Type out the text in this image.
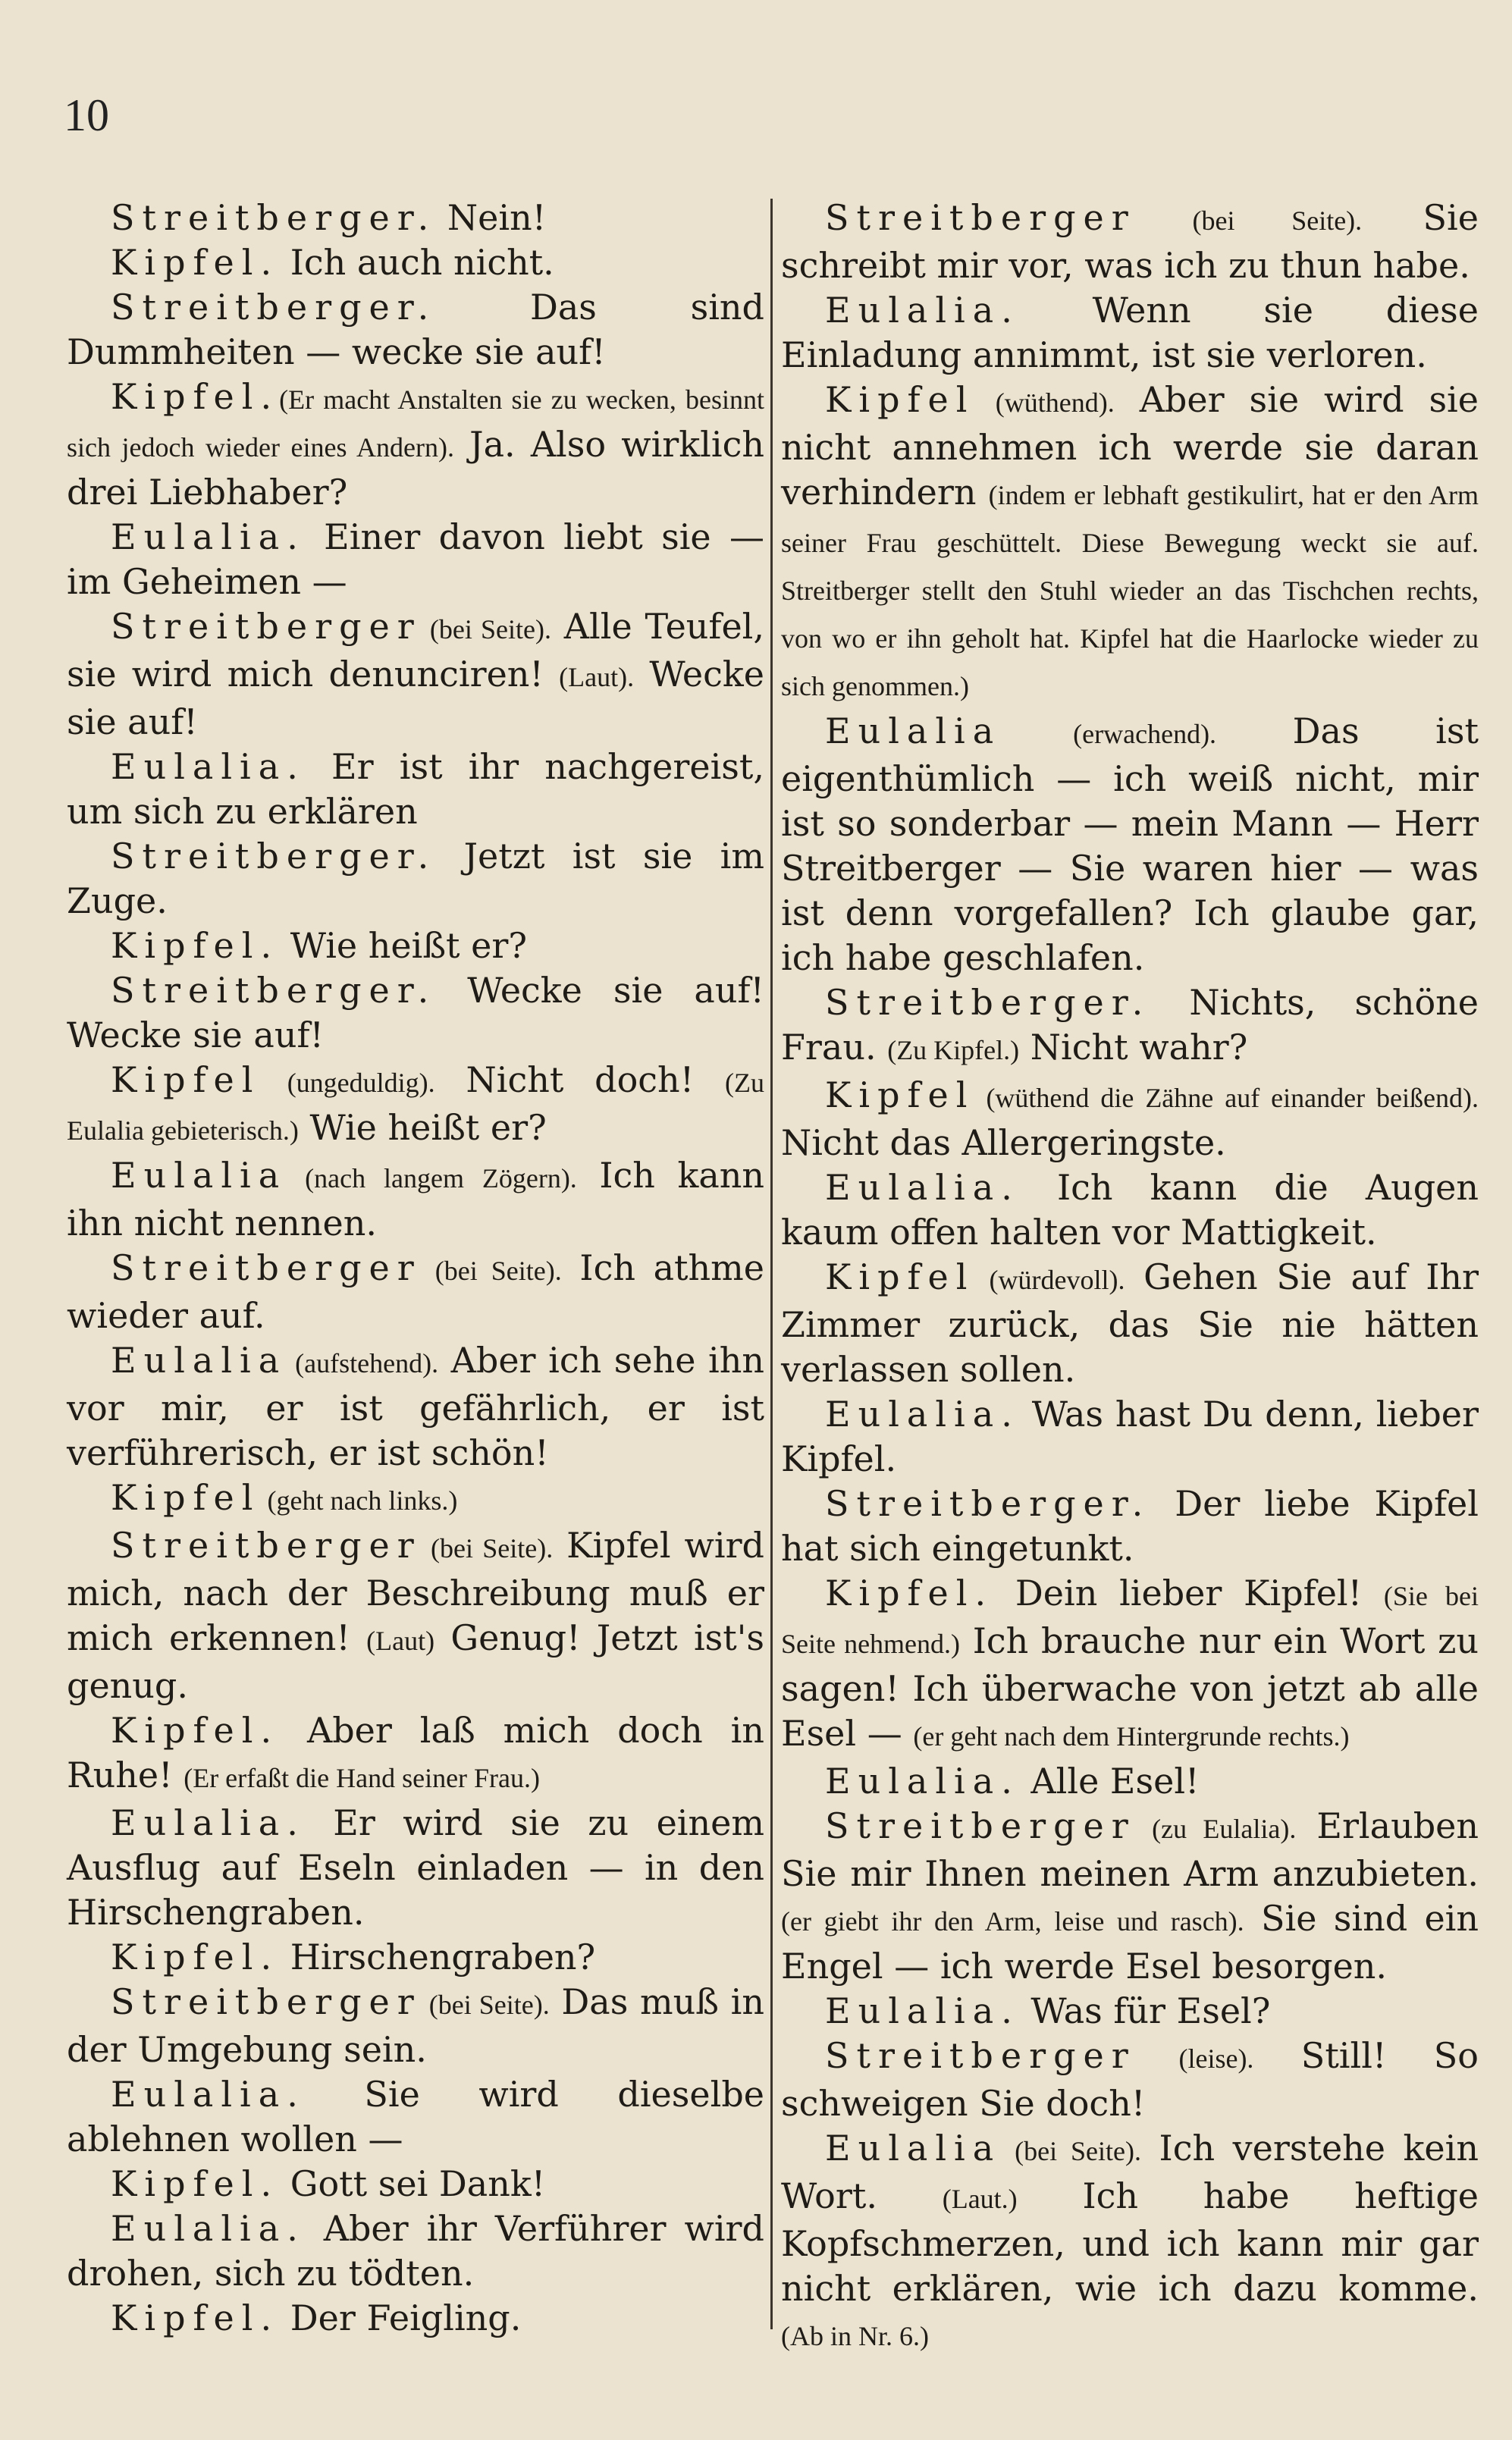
10

Streitberger. Nein!

Kipfel. Ich auch nicht.

Streitberger. Das sind Dummheiten — wecke sie auf!

Kipfel.(Er macht Anstalten sie zu wecken, besinnt sich jedoch wieder eines Andern). Ja. Also wirklich drei Liebhaber?

Eulalia. Einer davon liebt sie — im Geheimen —

Streitberger (bei Seite). Alle Teufel, sie wird mich denunciren! (Laut). Wecke sie auf!

Eulalia. Er ist ihr nachgereist, um sich zu erklären

Streitberger. Jetzt ist sie im Zuge.

Kipfel. Wie heißt er?

Streitberger. Wecke sie auf! Wecke sie auf!

Kipfel (ungeduldig). Nicht doch! (Zu Eulalia gebieterisch.) Wie heißt er?

Eulalia (nach langem Zögern). Ich kann ihn nicht nennen.

Streitberger (bei Seite). Ich athme wieder auf.

Eulalia (aufstehend). Aber ich sehe ihn vor mir, er ist gefährlich, er ist verführerisch, er ist schön!

Kipfel (geht nach links.)

Streitberger (bei Seite). Kipfel wird mich, nach der Beschreibung muß er mich erkennen! (Laut) Genug! Jetzt ist's genug.

Kipfel. Aber laß mich doch in Ruhe! (Er erfaßt die Hand seiner Frau.)

Eulalia. Er wird sie zu einem Ausflug auf Eseln einladen — in den Hirschengraben.

Kipfel. Hirschengraben?

Streitberger (bei Seite). Das muß in der Umgebung sein.

Eulalia. Sie wird dieselbe ablehnen wollen —

Kipfel. Gott sei Dank!

Eulalia. Aber ihr Verführer wird drohen, sich zu tödten.

Kipfel. Der Feigling.

Streitberger (bei Seite). Sie schreibt mir vor, was ich zu thun habe.

Eulalia. Wenn sie diese Einladung annimmt, ist sie verloren.

Kipfel (wüthend). Aber sie wird sie nicht annehmen ich werde sie daran verhindern (indem er lebhaft gestikulirt, hat er den Arm seiner Frau geschüttelt. Diese Bewegung weckt sie auf. Streitberger stellt den Stuhl wieder an das Tischchen rechts, von wo er ihn geholt hat. Kipfel hat die Haarlocke wieder zu sich genommen.)

Eulalia (erwachend). Das ist eigenthümlich — ich weiß nicht, mir ist so sonderbar — mein Mann — Herr Streitberger — Sie waren hier — was ist denn vorgefallen? Ich glaube gar, ich habe geschlafen.

Streitberger. Nichts, schöne Frau. (Zu Kipfel.) Nicht wahr?

Kipfel (wüthend die Zähne auf einander beißend). Nicht das Allergeringste.

Eulalia. Ich kann die Augen kaum offen halten vor Mattigkeit.

Kipfel (würdevoll). Gehen Sie auf Ihr Zimmer zurück, das Sie nie hätten verlassen sollen.

Eulalia. Was hast Du denn, lieber Kipfel.

Streitberger. Der liebe Kipfel hat sich eingetunkt.

Kipfel. Dein lieber Kipfel! (Sie bei Seite nehmend.) Ich brauche nur ein Wort zu sagen! Ich überwache von jetzt ab alle Esel — (er geht nach dem Hintergrunde rechts.)

Eulalia. Alle Esel!

Streitberger (zu Eulalia). Erlauben Sie mir Ihnen meinen Arm anzubieten. (er giebt ihr den Arm, leise und rasch). Sie sind ein Engel — ich werde Esel besorgen.

Eulalia. Was für Esel?

Streitberger (leise). Still! So schweigen Sie doch!

Eulalia (bei Seite). Ich verstehe kein Wort. (Laut.) Ich habe heftige Kopfschmerzen, und ich kann mir gar nicht erklären, wie ich dazu komme. (Ab in Nr. 6.)
